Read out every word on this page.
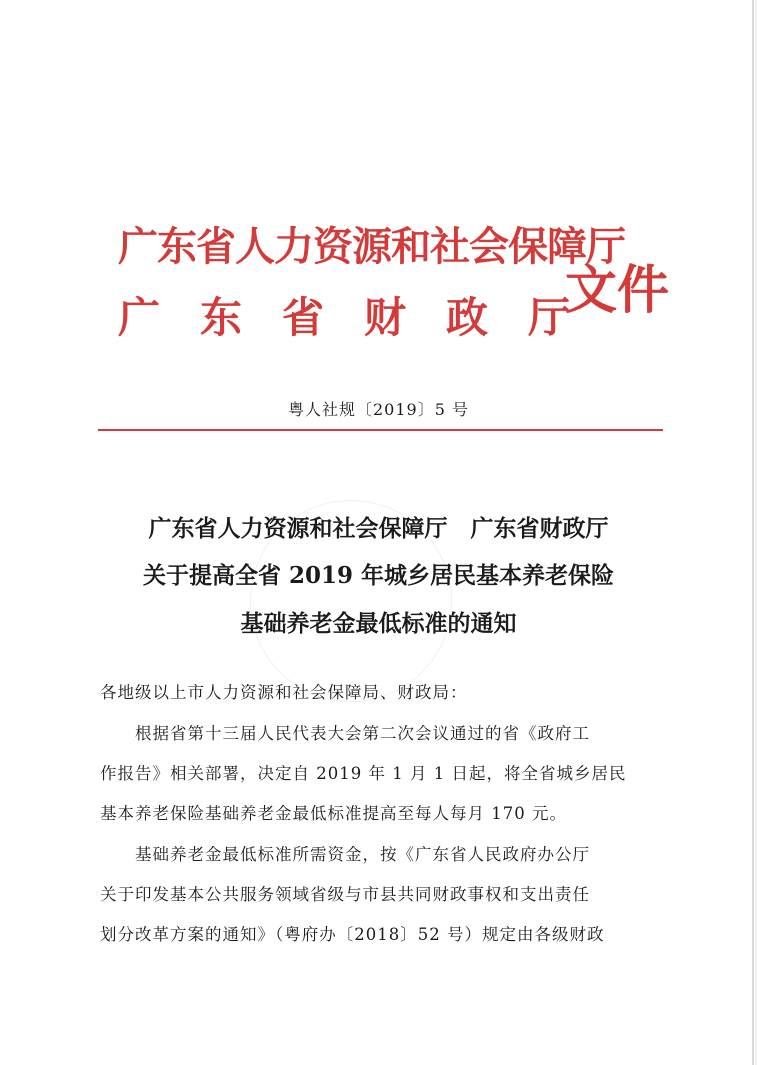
广东省人力资源和社会保障厅
广东省财政厅
文件
粤人社规〔2019〕5 号
广东省人力资源和社会保障厅　广东省财政厅
关于提高全省 2019 年城乡居民基本养老保险
基础养老金最低标准的通知
各地级以上市人力资源和社会保障局、财政局：
　　根据省第十三届人民代表大会第二次会议通过的省《政府工
作报告》相关部署，决定自 2019 年 1 月 1 日起，将全省城乡居民
基本养老保险基础养老金最低标准提高至每人每月 170 元。
　　基础养老金最低标准所需资金，按《广东省人民政府办公厅
关于印发基本公共服务领域省级与市县共同财政事权和支出责任
划分改革方案的通知》（粤府办〔2018〕52 号）规定由各级财政
